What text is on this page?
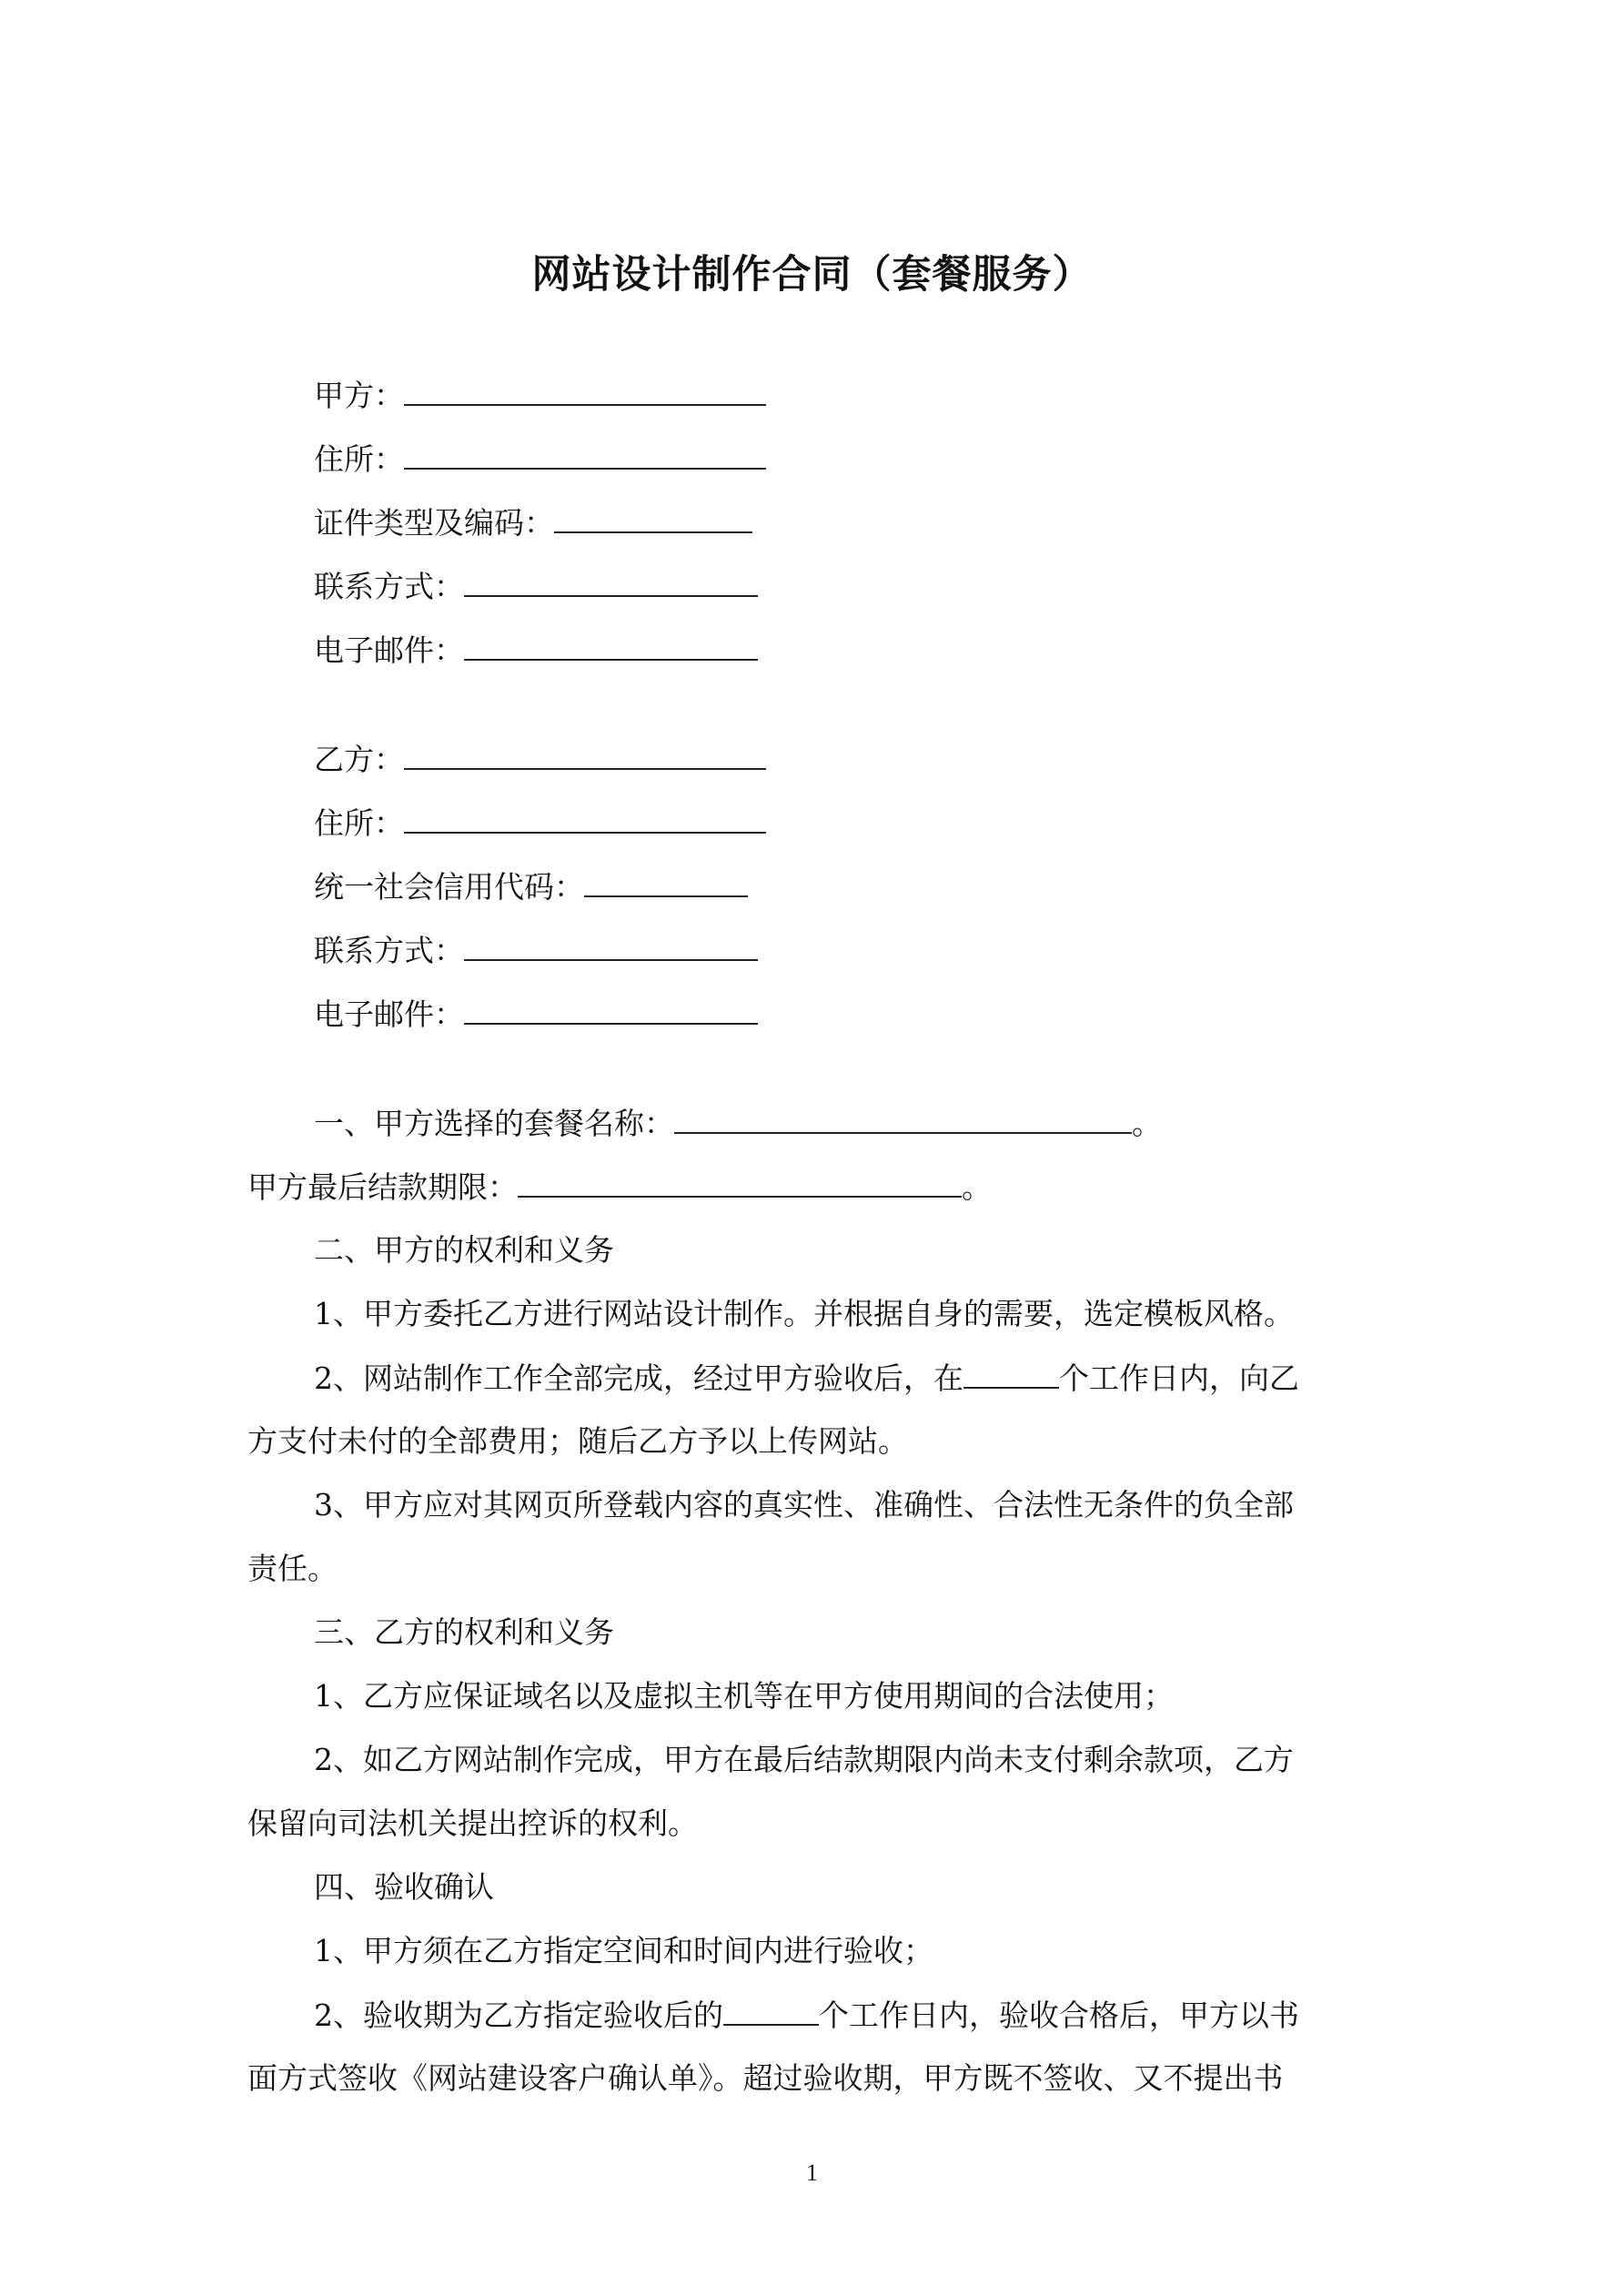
网站设计制作合同（套餐服务）
甲方：
住所：
证件类型及编码：
联系方式：
电子邮件：
乙方：
住所：
统一社会信用代码：
联系方式：
电子邮件：
一、甲方选择的套餐名称：	。
甲方最后结款期限：	。
二、甲方的权利和义务
1、甲方委托乙方进行网站设计制作。并根据自身的需要，选定模板风格。
2、网站制作工作全部完成，经过甲方验收后，在	个工作日内，向乙
方支付未付的全部费用；随后乙方予以上传网站。
3、甲方应对其网页所登载内容的真实性、准确性、合法性无条件的负全部
责任。
三、乙方的权利和义务
1、乙方应保证域名以及虚拟主机等在甲方使用期间的合法使用；
2、如乙方网站制作完成，甲方在最后结款期限内尚未支付剩余款项，乙方
保留向司法机关提出控诉的权利。
四、验收确认
1、甲方须在乙方指定空间和时间内进行验收；
2、验收期为乙方指定验收后的	个工作日内，验收合格后，甲方以书
面方式签收《网站建设客户确认单》。超过验收期，甲方既不签收、又不提出书
1
